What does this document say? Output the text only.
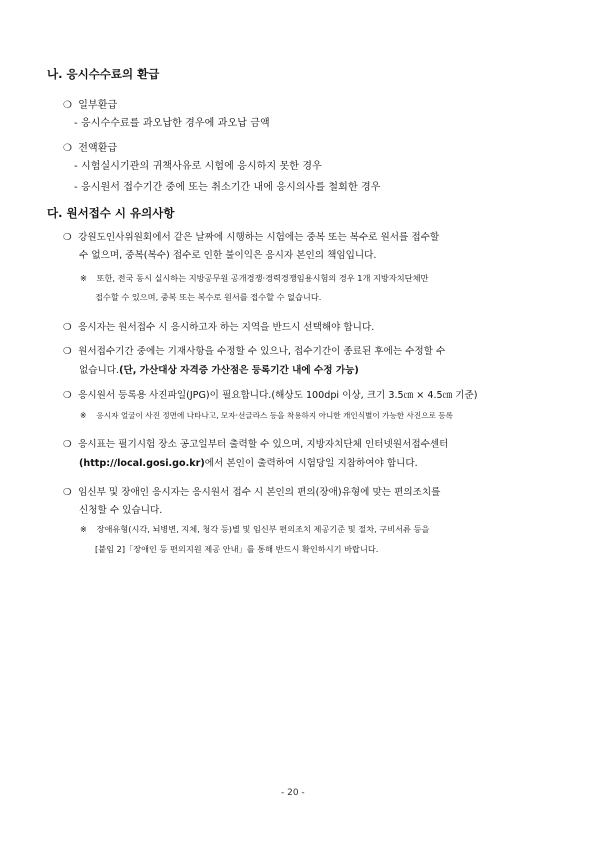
나. 응시수수료의 환급
❍ 일부환급
- 응시수수료를 과오납한 경우에 과오납 금액
❍ 전액환급
- 시험실시기관의 귀책사유로 시험에 응시하지 못한 경우
- 응시원서 접수기간 중에 또는 취소기간 내에 응시의사를 철회한 경우
다. 원서접수 시 유의사항
❍ 강원도인사위원회에서 같은 날짜에 시행하는 시험에는 중복 또는 복수로 원서를 접수할
수 없으며, 중복(복수) 접수로 인한 불이익은 응시자 본인의 책임입니다.
※ 또한, 전국 동시 실시하는 지방공무원 공개경쟁·경력경쟁임용시험의 경우 1개 지방자치단체만
접수할 수 있으며, 중복 또는 복수로 원서를 접수할 수 없습니다.
❍ 응시자는 원서접수 시 응시하고자 하는 지역을 반드시 선택해야 합니다.
❍ 원서접수기간 중에는 기재사항을 수정할 수 있으나, 접수기간이 종료된 후에는 수정할 수
없습니다.(단, 가산대상 자격증 가산점은 등록기간 내에 수정 가능)
❍ 응시원서 등록용 사진파일(JPG)이 필요합니다.(해상도 100dpi 이상, 크기 3.5㎝ × 4.5㎝ 기준)
※ 응시자 얼굴이 사진 정면에 나타나고, 모자·선글라스 등을 착용하지 아니한 개인식별이 가능한 사진으로 등록
❍ 응시표는 필기시험 장소 공고일부터 출력할 수 있으며, 지방자치단체 인터넷원서접수센터
(http://local.gosi.go.kr)에서 본인이 출력하여 시험당일 지참하여야 합니다.
❍ 임신부 및 장애인 응시자는 응시원서 접수 시 본인의 편의(장애)유형에 맞는 편의조치를
신청할 수 있습니다.
※ 장애유형(시각, 뇌병변, 지체, 청각 등)별 및 임신부 편의조치 제공기준 및 절차, 구비서류 등을
[붙임 2]「장애인 등 편의지원 제공 안내」를 통해 반드시 확인하시기 바랍니다.
- 20 -
